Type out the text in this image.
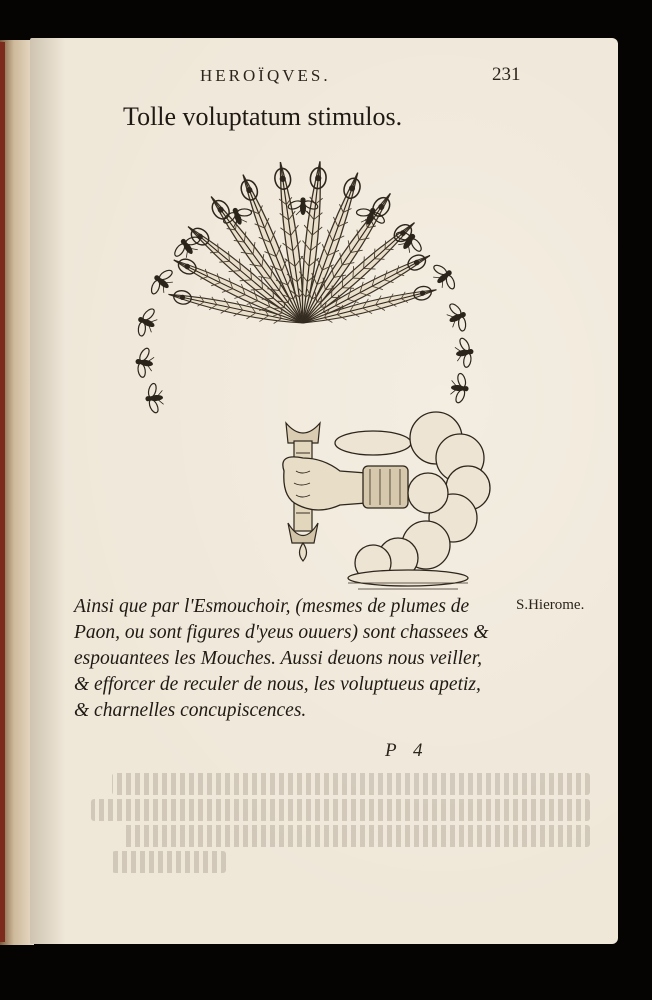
HEROÏQVES.	231
Tolle voluptatum stimulos.
Ainsi que par l'Esmouchoir, (mesmes de plumes de
Paon, ou sont figures d'yeus ouuers) sont chassees &
espouantees les Mouches. Aussi deuons nous veiller,
& efforcer de reculer de nous, les voluptueus apetiz,
& charnelles concupiscences.
S.Hierome.
P 4
